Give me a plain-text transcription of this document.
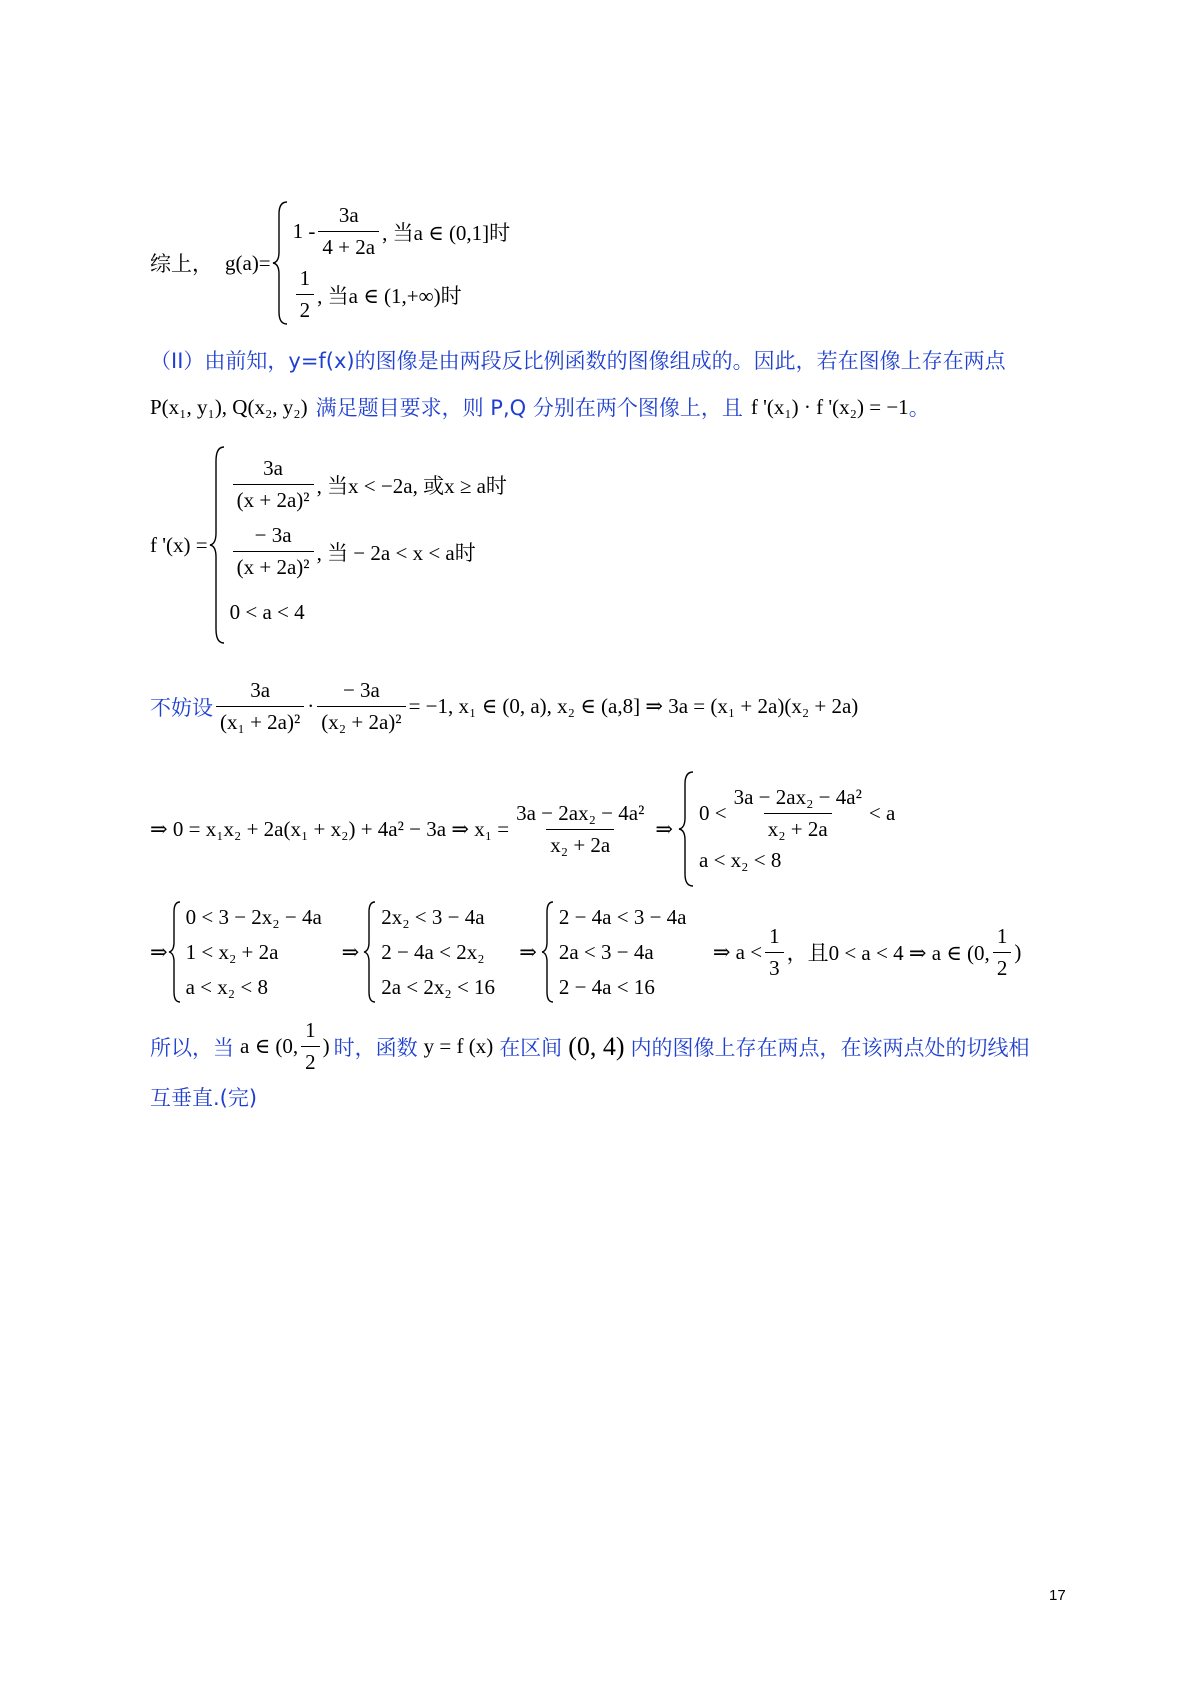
综上， g(a)=
$1 - \frac{3a}{4 + 2a}$ , 当a ∈ (0,1]时
$\frac{1}{2}$ , 当a ∈ (1,+∞)时
（II）由前知，y=f(x)的图像是由两段反比例函数的图像组成的。因此，若在图像上存在两点
P(x₁, y₁), Q(x₂, y₂) 满足题目要求，则 P,Q 分别在两个图像上，且 f '(x₁) · f '(x₂) = −1 。
f '(x) =
$\frac{3a}{\text{(x + 2a)²}}$ , 当x < −2a, 或x ≥ a时
$\frac{- 3a}{\text{(x + 2a)²}}$ , 当 − 2a < x < a时
0 < a < 4
不妨设 $\frac{3a}{\text{(x₁ + 2a)²}} \cdot \frac{- 3a}{\text{(x₂ + 2a)²}} = -1$, x₁ ∈ (0, a), x₂ ∈ (a,8] ⇒ 3a = (x₁ + 2a)(x₂ + 2a)
⇒ 0 = x₁x₂ + 2a(x₁ + x₂) + 4a² − 3a ⇒ $x_1 = \frac{\text{3a − 2ax₂ − 4a²}}{\text{x₂ + 2a}}$ ⇒
$0 < \frac{\text{3a − 2ax₂ − 4a²}}{\text{x₂ + 2a}} < a$
a < x₂ < 8
⇒
0 < 3 − 2x₂ − 4a
1 < x₂ + 2a
a < x₂ < 8
⇒
2x₂ < 3 − 4a
2 − 4a < 2x₂
2a < 2x₂ < 16
⇒
2 − 4a < 3 − 4a
2a < 3 − 4a
2 − 4a < 16
⇒ $a < \frac{1}{3}$ ，且0 < a < 4 ⇒ a ∈ (0, $\frac{1}{2}$ )
所以，当 a ∈ (0, $\frac{1}{2}$ ) 时，函数 y = f (x) 在区间 (0, 4) 内的图像上存在两点，在该两点处的切线相
互垂直.(完)
17
